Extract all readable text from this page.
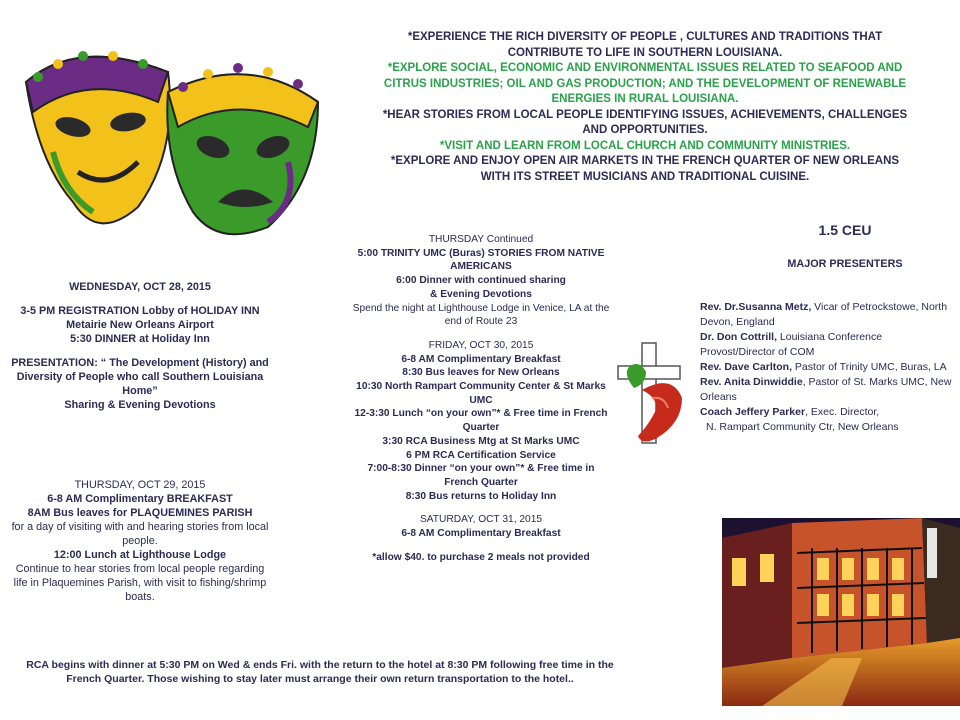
*EXPERIENCE THE RICH DIVERSITY OF PEOPLE , CULTURES AND TRADITIONS THAT CONTRIBUTE TO LIFE IN SOUTHERN LOUISIANA.
*EXPLORE SOCIAL, ECONOMIC AND ENVIRONMENTAL ISSUES RELATED TO SEAFOOD AND CITRUS INDUSTRIES; OIL AND GAS PRODUCTION; AND THE DEVELOPMENT OF RENEWABLE ENERGIES IN RURAL LOUISIANA.
*HEAR STORIES FROM LOCAL PEOPLE IDENTIFYING ISSUES, ACHIEVEMENTS, CHALLENGES AND OPPORTUNITIES.
*VISIT AND LEARN FROM LOCAL CHURCH AND COMMUNITY MINISTRIES.
*EXPLORE AND ENJOY OPEN AIR MARKETS IN THE FRENCH QUARTER OF NEW ORLEANS WITH ITS STREET MUSICIANS AND TRADITIONAL CUISINE.
WEDNESDAY, OCT 28, 2015
3-5 PM REGISTRATION Lobby of HOLIDAY INN Metairie New Orleans Airport
5:30 DINNER at Holiday Inn
PRESENTATION: “ The Development (History) and Diversity of People who call Southern Louisiana Home”
Sharing & Evening Devotions
THURSDAY, OCT 29, 2015
6-8 AM Complimentary BREAKFAST
8AM Bus leaves for PLAQUEMINES PARISH
for a day of visiting with and hearing stories from local people.
12:00 Lunch at Lighthouse Lodge
Continue to hear stories from local people regarding life in Plaquemines Parish, with visit to fishing/shrimp boats.
THURSDAY Continued
5:00 TRINITY UMC (Buras) STORIES FROM NATIVE AMERICANS
6:00 Dinner with continued sharing
& Evening Devotions
Spend the night at Lighthouse Lodge in Venice, LA at the end of Route 23
FRIDAY, OCT 30, 2015
6-8 AM Complimentary Breakfast
8:30 Bus leaves for New Orleans
10:30 North Rampart Community Center & St Marks UMC
12-3:30 Lunch “on your own”* & Free time in French Quarter
3:30 RCA Business Mtg at St Marks UMC
6 PM RCA Certification Service
7:00-8:30 Dinner “on your own”* & Free time in French Quarter
8:30 Bus returns to Holiday Inn
SATURDAY, OCT 31, 2015
6-8 AM Complimentary Breakfast
*allow $40. to purchase 2 meals not provided
RCA begins with dinner at 5:30 PM on Wed & ends Fri. with the return to the hotel at 8:30 PM following free time in the French Quarter. Those wishing to stay later must arrange their own return transportation to the hotel..
1.5 CEU
MAJOR PRESENTERS
Rev. Dr.Susanna Metz, Vicar of Petrockstowe, North Devon, England
Dr. Don Cottrill, Louisiana Conference Provost/Director of COM
Rev. Dave Carlton, Pastor of Trinity UMC, Buras, LA
Rev. Anita Dinwiddie, Pastor of St. Marks UMC, New Orleans
Coach Jeffery Parker, Exec. Director,
N. Rampart Community Ctr, New Orleans
